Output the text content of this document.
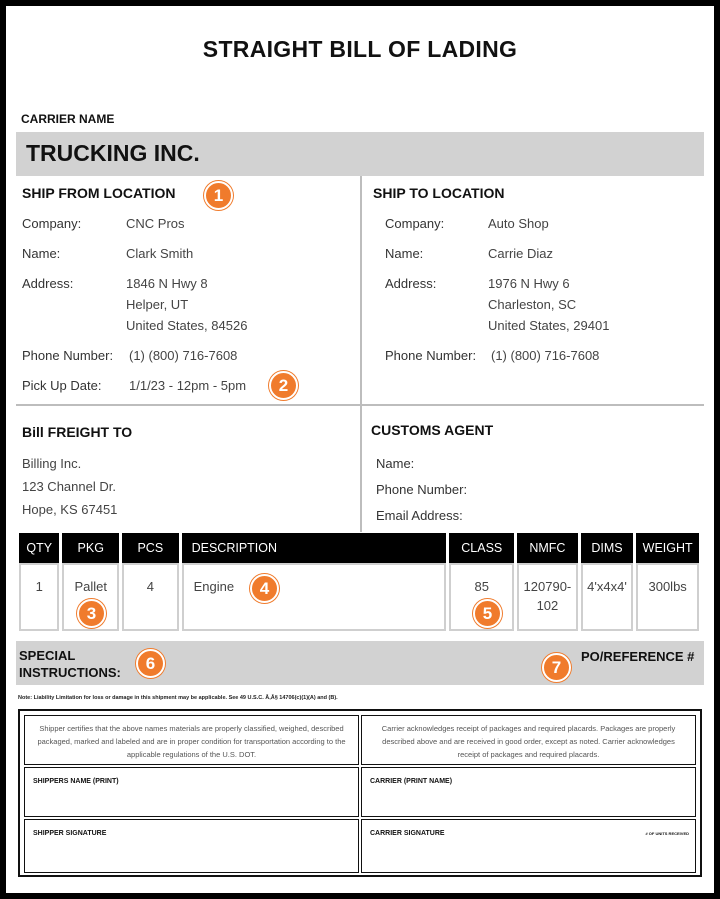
STRAIGHT BILL OF LADING
CARRIER NAME
TRUCKING INC.
SHIP FROM LOCATION	1
Company:	CNC Pros
Name:	Clark Smith
Address:	1846 N Hwy 8
Helper, UT
United States, 84526
Phone Number: (1) (800) 716-7608
Pick Up Date: 1/1/23 - 12pm - 5pm	2
SHIP TO LOCATION
Company:	Auto Shop
Name:	Carrie Diaz
Address:	1976 N Hwy 6
Charleston, SC
United States, 29401
Phone Number: (1) (800) 716-7608
Bill FREIGHT TO
Billing Inc.
123 Channel Dr.
Hope, KS 67451
CUSTOMS AGENT
Name:
Phone Number:
Email Address:
QTY	PKG	PCS	DESCRIPTION	CLASS	NMFC	DIMS	WEIGHT
1	Pallet	4	Engine	85	120790-102	4'x4x4'	300lbs
3
4
5
SPECIAL
INSTRUCTIONS:	6	PO/REFERENCE #
7
Note: Liability Limitation for loss or damage in this shipment may be applicable. See 49 U.S.C. Â,Â§ 14706(c)(1)(A) and (B).
Shipper certifies that the above names materials are properly classified, weighed, described packaged, marked and labeled and are in proper condition for transportation according to the applicable regulations of the U.S. DOT.
Carrier acknowledges receipt of packages and required placards. Packages are properly described above and are received in good order, except as noted. Carrier acknowledges receipt of packages and required placards.
SHIPPERS NAME (PRINT)	CARRIER (PRINT NAME)
SHIPPER SIGNATURE	CARRIER SIGNATURE	# OF UNITS RECEIVED
